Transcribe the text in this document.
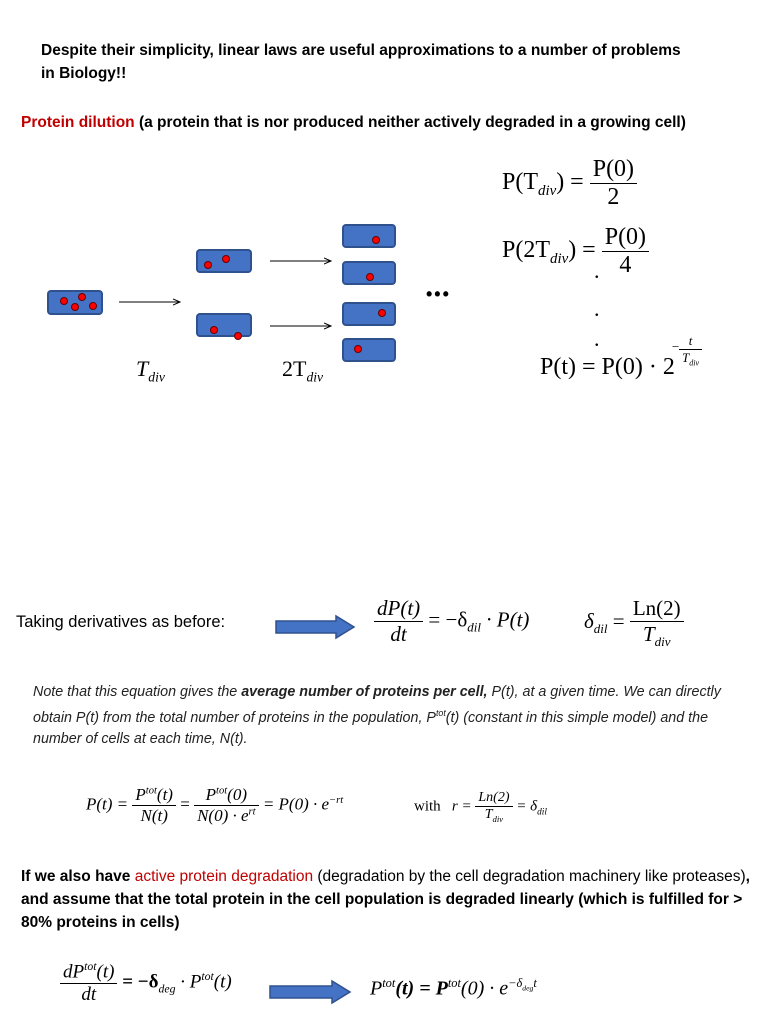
Despite their simplicity, linear laws are useful approximations to a number of problems in Biology!!

Protein dilution (a protein that is nor produced neither actively degraded in a growing cell)

•••
$T_{div}$	$2T_{div}$
$P(T_{div}) = \frac{P(0)}{2}$
$P(2T_{div}) = \frac{P(0)}{4}$
.
.
.
P(t) = P(0) · 2
− $\frac{t}{T_{div}}$

Taking derivatives as before:	$\frac{dP(t)}{dt} = -\delta_{dil} \cdot P(t)$	$\delta_{dil} = \frac{Ln(2)}{T_{div}}$

Note that this equation gives the average number of proteins per cell, P(t), at a given time. We can directly obtain P(t) from the total number of proteins in the population, $P^{tot}(t)$ (constant in this simple model) and the number of cells at each time, N(t).

$P(t) = \frac{P^{tot}(t)}{N(t)} = \frac{P^{tot}(0)}{N(0) \cdot e^{rt}} = P(0) \cdot e^{-rt}$	with $r = \frac{Ln(2)}{T_{div}} = \delta_{dil}$

If we also have active protein degradation (degradation by the cell degradation machinery like proteases), and assume that the total protein in the cell population is degraded linearly (which is fulfilled for > 80% proteins in cells)

$\frac{dP^{tot}(t)}{dt} = -\delta_{deg} \cdot P^{tot}(t)$	$P^{tot}(t) = P^{tot}(0) \cdot e^{-\delta_{deg}t}$
